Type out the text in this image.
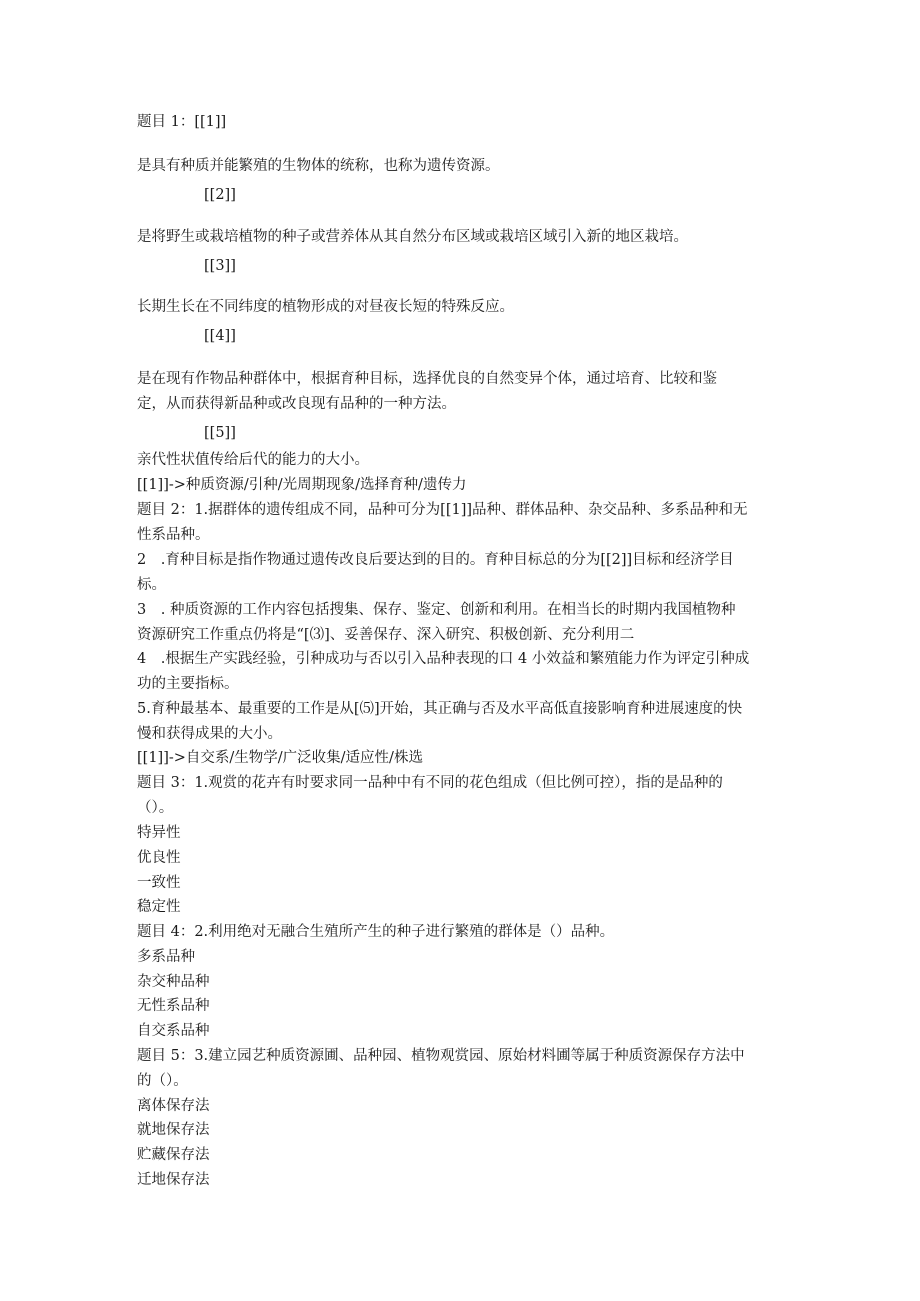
题目 1：[[1]]
是具有种质并能繁殖的生物体的统称，也称为遗传资源。
[[2]]
是将野生或栽培植物的种子或营养体从其自然分布区域或栽培区域引入新的地区栽培。
[[3]]
长期生长在不同纬度的植物形成的对昼夜长短的特殊反应。
[[4]]
是在现有作物品种群体中，根据育种目标，选择优良的自然变异个体，通过培育、比较和鉴
定，从而获得新品种或改良现有品种的一种方法。
[[5]]
亲代性状值传给后代的能力的大小。
[[1]]->种质资源/引种/光周期现象/选择育种/遗传力
题目 2：1.据群体的遗传组成不同，品种可分为[[1]]品种、群体品种、杂交品种、多系品种和无
性系品种。
2　.育种目标是指作物通过遗传改良后要达到的目的。育种目标总的分为[[2]]目标和经济学目
标。
3　. 种质资源的工作内容包括搜集、保存、鉴定、创新和利用。在相当长的时期内我国植物种
资源研究工作重点仍将是“[⑶]、妥善保存、深入研究、积极创新、充分利用二
4　.根据生产实践经验，引种成功与否以引入品种表现的口 4 小效益和繁殖能力作为评定引种成
功的主要指标。
5.育种最基本、最重要的工作是从[⑸]开始，其正确与否及水平高低直接影响育种进展速度的快
慢和获得成果的大小。
[[1]]->自交系/生物学/广泛收集/适应性/株选
题目 3：1.观赏的花卉有时要求同一品种中有不同的花色组成（但比例可控），指的是品种的
（）。
特异性
优良性
一致性
稳定性
题目 4：2.利用绝对无融合生殖所产生的种子进行繁殖的群体是（）品种。
多系品种
杂交种品种
无性系品种
自交系品种
题目 5：3.建立园艺种质资源圃、品种园、植物观赏园、原始材料圃等属于种质资源保存方法中
的（）。
离体保存法
就地保存法
贮藏保存法
迁地保存法
